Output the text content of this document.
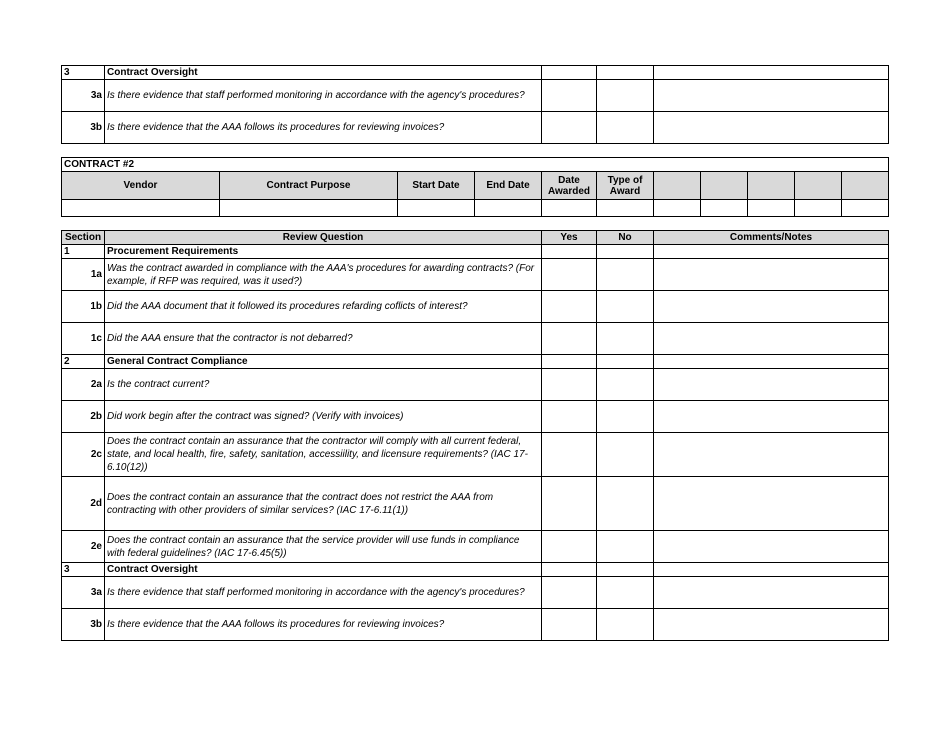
3	Contract Oversight			
3a	Is there evidence that staff performed monitoring in accordance with the agency's procedures?			
3b	Is there evidence that the AAA follows its procedures for reviewing invoices?			
CONTRACT #2										
Vendor	Contract Purpose	Start Date	End Date	Date Awarded	Type of Award					

Section	Review Question	Yes	No	Comments/Notes
1	Procurement Requirements			
1a	Was the contract awarded in compliance with the AAA's procedures for awarding contracts? (For example, if RFP was required, was it used?)			
1b	Did the AAA document that it followed its procedures refarding coflicts of interest?			
1c	Did the AAA ensure that the contractor is not debarred?			
2	General Contract Compliance			
2a	Is the contract current?			
2b	Did work begin after the contract was signed? (Verify with invoices)			
2c	Does the contract contain an assurance that the contractor will comply with all current federal, state, and local health, fire, safety, sanitation, accessiility, and licensure requirements? (IAC 17-6.10(12))			
2d	Does the contract contain an assurance that the contract does not restrict the AAA from contracting with other providers of similar services? (IAC 17-6.11(1))			
2e	Does the contract contain an assurance that the service provider will use funds in compliance with federal guidelines? (IAC 17-6.45(5))			
3	Contract Oversight			
3a	Is there evidence that staff performed monitoring in accordance with the agency's procedures?			
3b	Is there evidence that the AAA follows its procedures for reviewing invoices?			
